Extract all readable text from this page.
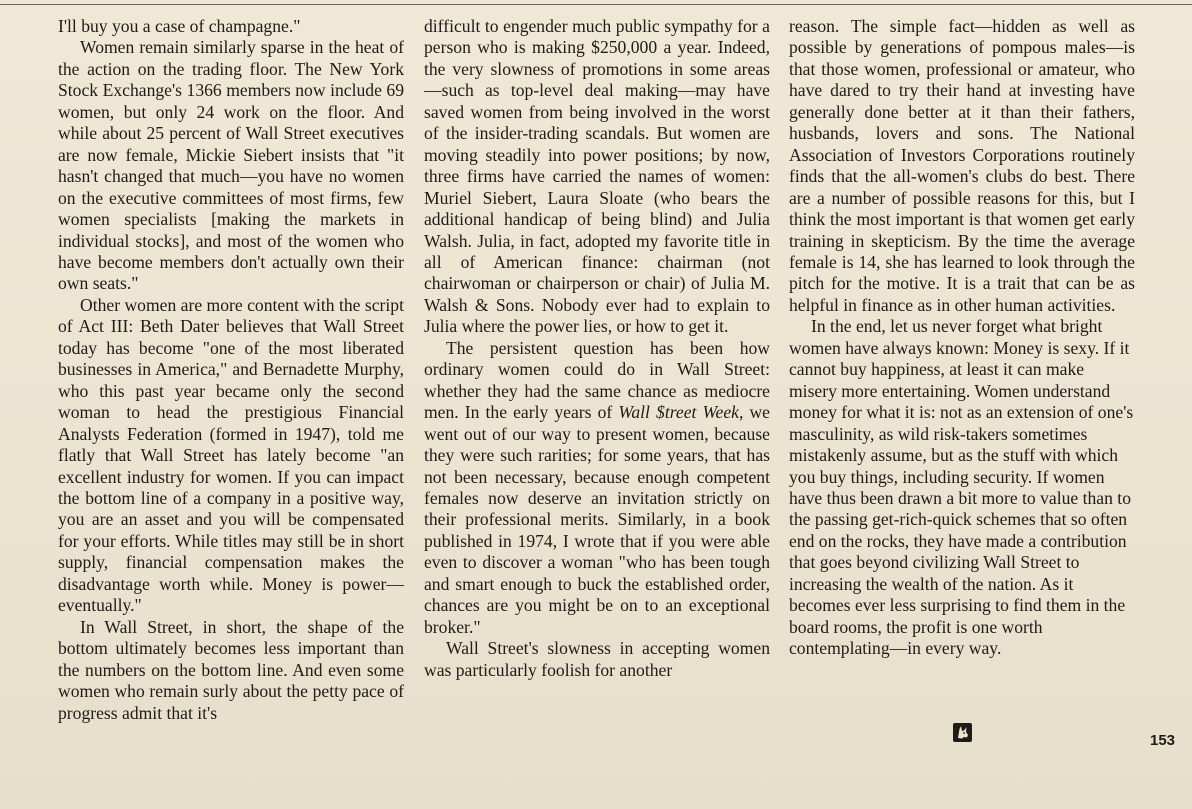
I'll buy you a case of champagne."

Women remain similarly sparse in the heat of the action on the trading floor. The New York Stock Exchange's 1366 members now include 69 women, but only 24 work on the floor. And while about 25 percent of Wall Street executives are now female, Mickie Siebert insists that "it hasn't changed that much—you have no women on the executive committees of most firms, few women specialists [making the markets in individual stocks], and most of the women who have become members don't actually own their own seats."

Other women are more content with the script of Act III: Beth Dater believes that Wall Street today has become "one of the most liberated businesses in America," and Bernadette Murphy, who this past year became only the second woman to head the prestigious Financial Analysts Federation (formed in 1947), told me flatly that Wall Street has lately become "an excellent industry for women. If you can impact the bottom line of a company in a positive way, you are an asset and you will be compensated for your efforts. While titles may still be in short supply, financial compensation makes the disadvantage worth while. Money is power—eventually."

In Wall Street, in short, the shape of the bottom ultimately becomes less important than the numbers on the bottom line. And even some women who remain surly about the petty pace of progress admit that it's

difficult to engender much public sympathy for a person who is making $250,000 a year. Indeed, the very slowness of promotions in some areas—such as top-level deal making—may have saved women from being involved in the worst of the insider-trading scandals. But women are moving steadily into power positions; by now, three firms have carried the names of women: Muriel Siebert, Laura Sloate (who bears the additional handicap of being blind) and Julia Walsh. Julia, in fact, adopted my favorite title in all of American finance: chairman (not chairwoman or chairperson or chair) of Julia M. Walsh & Sons. Nobody ever had to explain to Julia where the power lies, or how to get it.

The persistent question has been how ordinary women could do in Wall Street: whether they had the same chance as mediocre men. In the early years of Wall $treet Week, we went out of our way to present women, because they were such rarities; for some years, that has not been necessary, because enough competent females now deserve an invitation strictly on their professional merits. Similarly, in a book published in 1974, I wrote that if you were able even to discover a woman "who has been tough and smart enough to buck the established order, chances are you might be on to an exceptional broker."

Wall Street's slowness in accepting women was particularly foolish for another

reason. The simple fact—hidden as well as possible by generations of pompous males—is that those women, professional or amateur, who have dared to try their hand at investing have generally done better at it than their fathers, husbands, lovers and sons. The National Association of Investors Corporations routinely finds that the all-women's clubs do best. There are a number of possible reasons for this, but I think the most important is that women get early training in skepticism. By the time the average female is 14, she has learned to look through the pitch for the motive. It is a trait that can be as helpful in finance as in other human activities.

In the end, let us never forget what bright women have always known: Money is sexy. If it cannot buy happiness, at least it can make misery more entertaining. Women understand money for what it is: not as an extension of one's masculinity, as wild risk-takers sometimes mistakenly assume, but as the stuff with which you buy things, including security. If women have thus been drawn a bit more to value than to the passing get-rich-quick schemes that so often end on the rocks, they have made a contribution that goes beyond civilizing Wall Street to increasing the wealth of the nation. As it becomes ever less surprising to find them in the board rooms, the profit is one worth contemplating—in every way.

153
